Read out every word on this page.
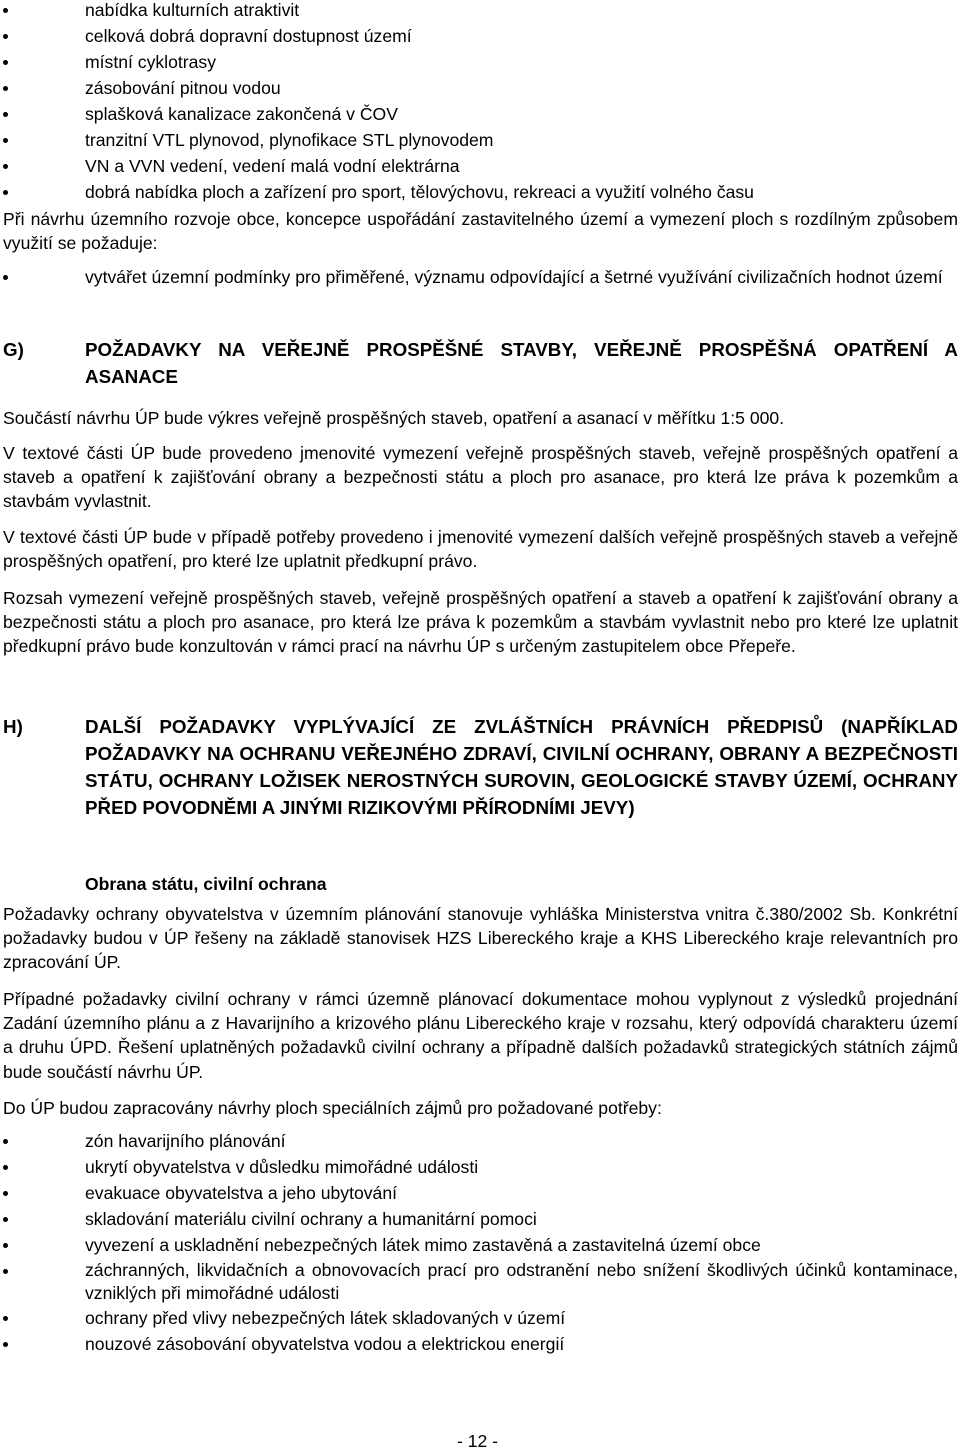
nabídka kulturních atraktivit
celková dobrá dopravní dostupnost území
místní cyklotrasy
zásobování pitnou vodou
splašková kanalizace zakončená v ČOV
tranzitní VTL plynovod, plynofikace STL plynovodem
VN a VVN vedení, vedení malá vodní elektrárna
dobrá nabídka ploch a zařízení pro sport, tělovýchovu, rekreaci a využití volného času

Při návrhu územního rozvoje obce, koncepce uspořádání zastavitelného území a vymezení ploch s rozdílným způsobem využití se požaduje:

vytvářet územní podmínky pro přiměřené, významu odpovídající a šetrné využívání civilizačních hodnot území
G)	POŽADAVKY NA VEŘEJNĚ PROSPĚŠNÉ STAVBY, VEŘEJNĚ PROSPĚŠNÁ OPATŘENÍ A ASANACE

Součástí návrhu ÚP bude výkres veřejně prospěšných staveb, opatření a asanací v měřítku 1:5 000.

V textové části ÚP bude provedeno jmenovité vymezení veřejně prospěšných staveb, veřejně prospěšných opatření a staveb a opatření k zajišťování obrany a bezpečnosti státu a ploch pro asanace, pro která lze práva k pozemkům a stavbám vyvlastnit.

V textové části ÚP bude v případě potřeby provedeno i jmenovité vymezení dalších veřejně prospěšných staveb a veřejně prospěšných opatření, pro které lze uplatnit předkupní právo.

Rozsah vymezení veřejně prospěšných staveb, veřejně prospěšných opatření a staveb a opatření k zajišťování obrany a bezpečnosti státu a ploch pro asanace, pro která lze práva k pozemkům a stavbám vyvlastnit nebo pro které lze uplatnit předkupní právo bude konzultován v rámci prací na návrhu ÚP s určeným zastupitelem obce Přepeře.

H)	DALŠÍ POŽADAVKY VYPLÝVAJÍCÍ ZE ZVLÁŠTNÍCH PRÁVNÍCH PŘEDPISŮ (NAPŘÍKLAD POŽADAVKY NA OCHRANU VEŘEJNÉHO ZDRAVÍ, CIVILNÍ OCHRANY, OBRANY A BEZPEČNOSTI STÁTU, OCHRANY LOŽISEK NEROSTNÝCH SUROVIN, GEOLOGICKÉ STAVBY ÚZEMÍ, OCHRANY PŘED POVODNĚMI A JINÝMI RIZIKOVÝMI PŘÍRODNÍMI JEVY)
Obrana státu, civilní ochrana

Požadavky ochrany obyvatelstva v územním plánování stanovuje vyhláška Ministerstva vnitra č.380/2002 Sb. Konkrétní požadavky budou v ÚP řešeny na základě stanovisek HZS Libereckého kraje a KHS Libereckého kraje relevantních pro zpracování ÚP.

Případné požadavky civilní ochrany v rámci územně plánovací dokumentace mohou vyplynout z výsledků projednání Zadání územního plánu a z Havarijního a krizového plánu Libereckého kraje v rozsahu, který odpovídá charakteru území a druhu ÚPD. Řešení uplatněných požadavků civilní ochrany a případně dalších požadavků strategických státních zájmů bude součástí návrhu ÚP.

Do ÚP budou zapracovány návrhy ploch speciálních zájmů pro požadované potřeby:

zón havarijního plánování
ukrytí obyvatelstva v důsledku mimořádné události
evakuace obyvatelstva a jeho ubytování
skladování materiálu civilní ochrany a humanitární pomoci
vyvezení a uskladnění nebezpečných látek mimo zastavěná a zastavitelná území obce
záchranných, likvidačních a obnovovacích prací pro odstranění nebo snížení škodlivých účinků kontaminace, vzniklých při mimořádné události
ochrany před vlivy nebezpečných látek skladovaných v území
nouzové zásobování obyvatelstva vodou a elektrickou energií
- 12 -
